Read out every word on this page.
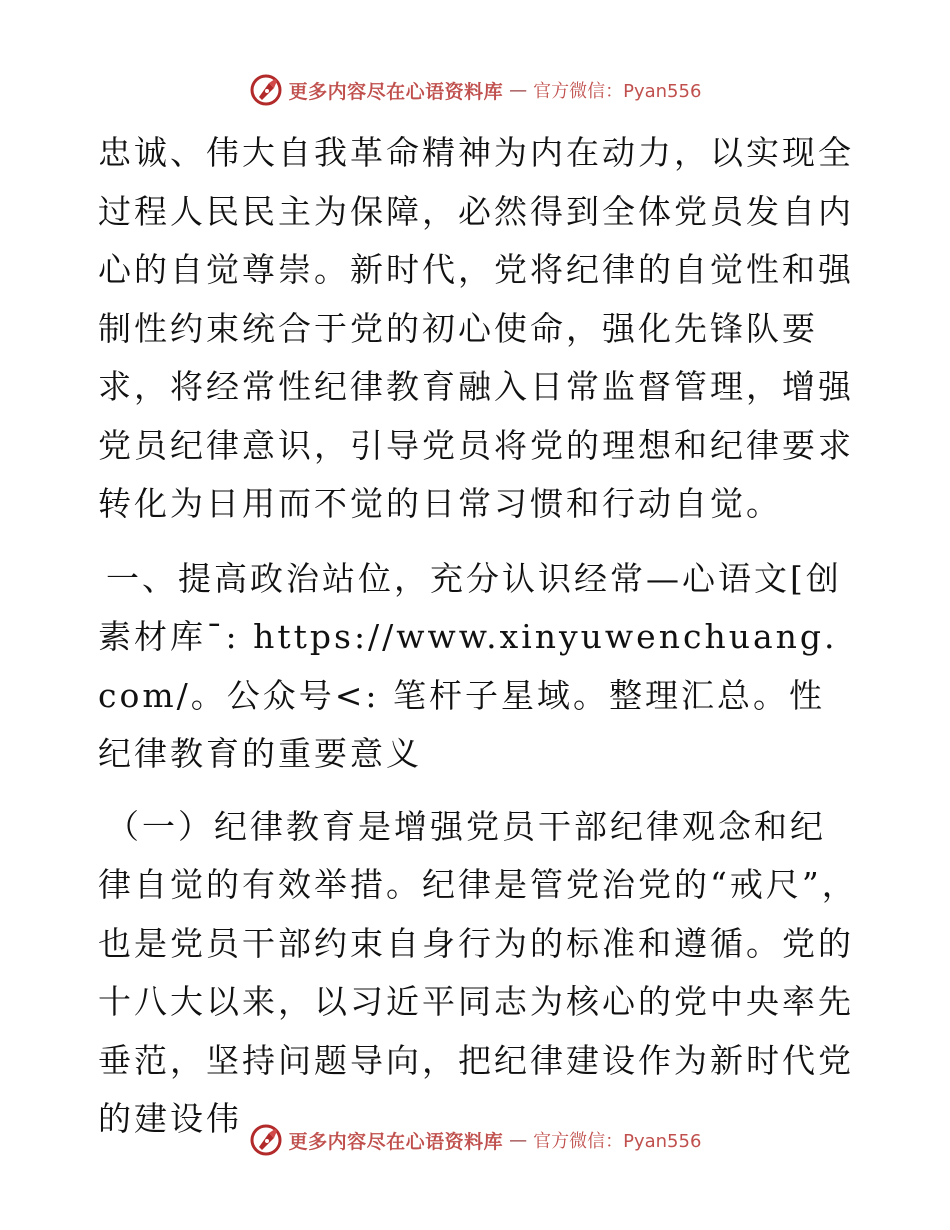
更多内容尽在心语资料库 — 官方微信：Pyan556

忠诚、伟大自我革命精神为内在动力，以实现全过程人民民主为保障，必然得到全体党员发自内心的自觉尊崇。新时代，党将纪律的自觉性和强制性约束统合于党的初心使命，强化先锋队要求，将经常性纪律教育融入日常监督管理，增强党员纪律意识，引导党员将党的理想和纪律要求转化为日用而不觉的日常习惯和行动自觉。

一、提高政治站位，充分认识经常—心语文[创素材库¯: https://www.xinyuwenchuang.com/。公众号<: 笔杆子星域。整理汇总。性纪律教育的重要意义

（一）纪律教育是增强党员干部纪律观念和纪律自觉的有效举措。纪律是管党治党的“戒尺”，也是党员干部约束自身行为的标准和遵循。党的十八大以来，以习近平同志为核心的党中央率先垂范，坚持问题导向，把纪律建设作为新时代党的建设伟

更多内容尽在心语资料库 — 官方微信：Pyan556
